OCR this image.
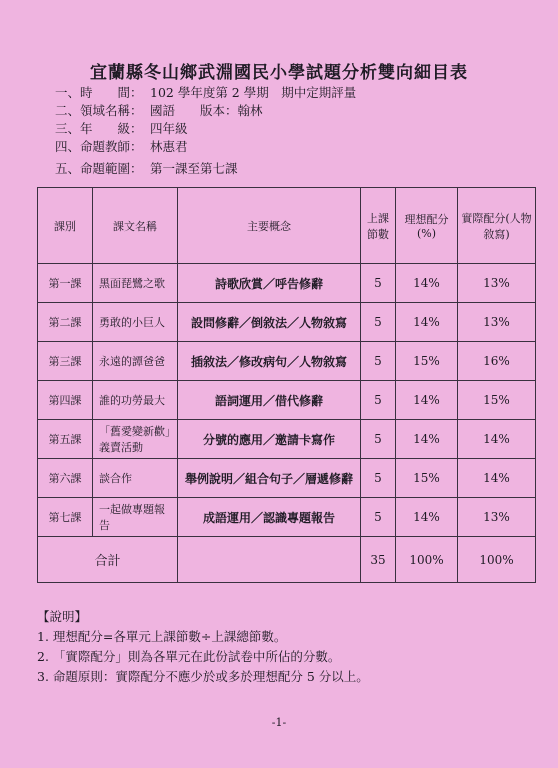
宜蘭縣冬山鄉武淵國民小學試題分析雙向細目表
一、時　　間： 102 學年度第 2 學期　期中定期評量
二、領域名稱： 國語　　版本：翰林
三、年　　級： 四年級
四、命題教師： 林惠君
五、命題範圍： 第一課至第七課
課別	課文名稱	主要概念	上課節數	理想配分(%)	實際配分(人物敘寫)
第一課	黑面琵鷺之歌	詩歌欣賞／呼告修辭	5	14%	13%
第二課	勇敢的小巨人	設問修辭／倒敘法／人物敘寫	5	14%	13%
第三課	永遠的譚爸爸	插敘法／修改病句／人物敘寫	5	15%	16%
第四課	誰的功勞最大	語詞運用／借代修辭	5	14%	15%
第五課	「舊愛變新歡」義賣活動	分號的應用／邀請卡寫作	5	14%	14%
第六課	談合作	舉例說明／組合句子／層遞修辭	5	15%	14%
第七課	一起做專題報告	成語運用／認識專題報告	5	14%	13%
合計			35	100%	100%
【說明】
1. 理想配分=各單元上課節數÷上課總節數。
2. 「實際配分」則為各單元在此份試卷中所佔的分數。
3. 命題原則：實際配分不應少於或多於理想配分 5 分以上。
-1-
